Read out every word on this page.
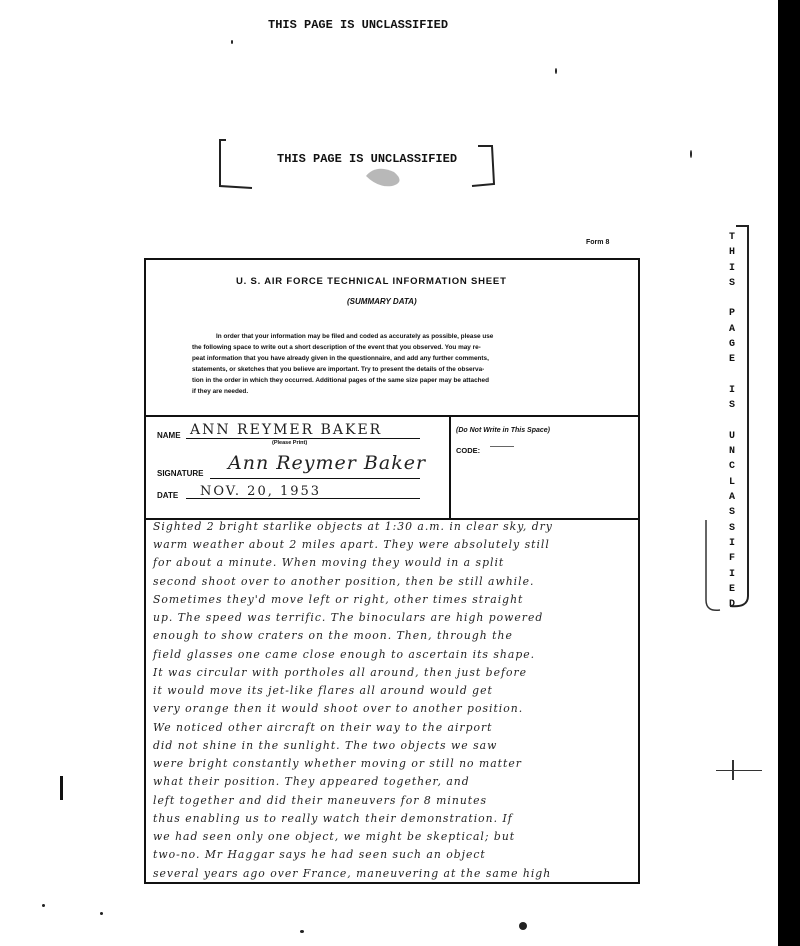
THIS PAGE IS UNCLASSIFIED
THIS PAGE IS UNCLASSIFIED
Form 8
U. S. AIR FORCE TECHNICAL INFORMATION SHEET
(SUMMARY DATA)
In order that your information may be filed and coded as accurately as possible, please use
the following space to write out a short description of the event that you observed. You may re-
peat information that you have already given in the questionnaire, and add any further comments,
statements, or sketches that you believe are important. Try to present the details of the observa-
tion in the order in which they occurred. Additional pages of the same size paper may be attached
if they are needed.
NAME ANN REYMER BAKER
(Please Print)
SIGNATURE Ann Reymer Baker
DATE NOV. 20, 1953
(Do Not Write in This Space)
CODE:
Sighted 2 bright starlike objects at 1:30 a.m. in clear sky, dry
warm weather about 2 miles apart. They were absolutely still
for about a minute. When moving they would in a split
second shoot over to another position, then be still awhile.
Sometimes they'd move left or right, other times straight
up. The speed was terrific. The binoculars are high powered
enough to show craters on the moon. Then, through the
field glasses one came close enough to ascertain its shape.
It was circular with portholes all around, then just before
it would move its jet-like flares all around would get
very orange then it would shoot over to another position.
We noticed other aircraft on their way to the airport
did not shine in the sunlight. The two objects we saw
were bright constantly whether moving or still no matter
what their position. They appeared together, and
left together and did their maneuvers for 8 minutes
thus enabling us to really watch their demonstration. If
we had seen only one object, we might be skeptical; but
two-no. Mr Haggar says he had seen such an object
several years ago over France, maneuvering at the same high
T
H
I
S

P
A
G
E

I
S

U
N
C
L
A
S
S
I
F
I
E
D
